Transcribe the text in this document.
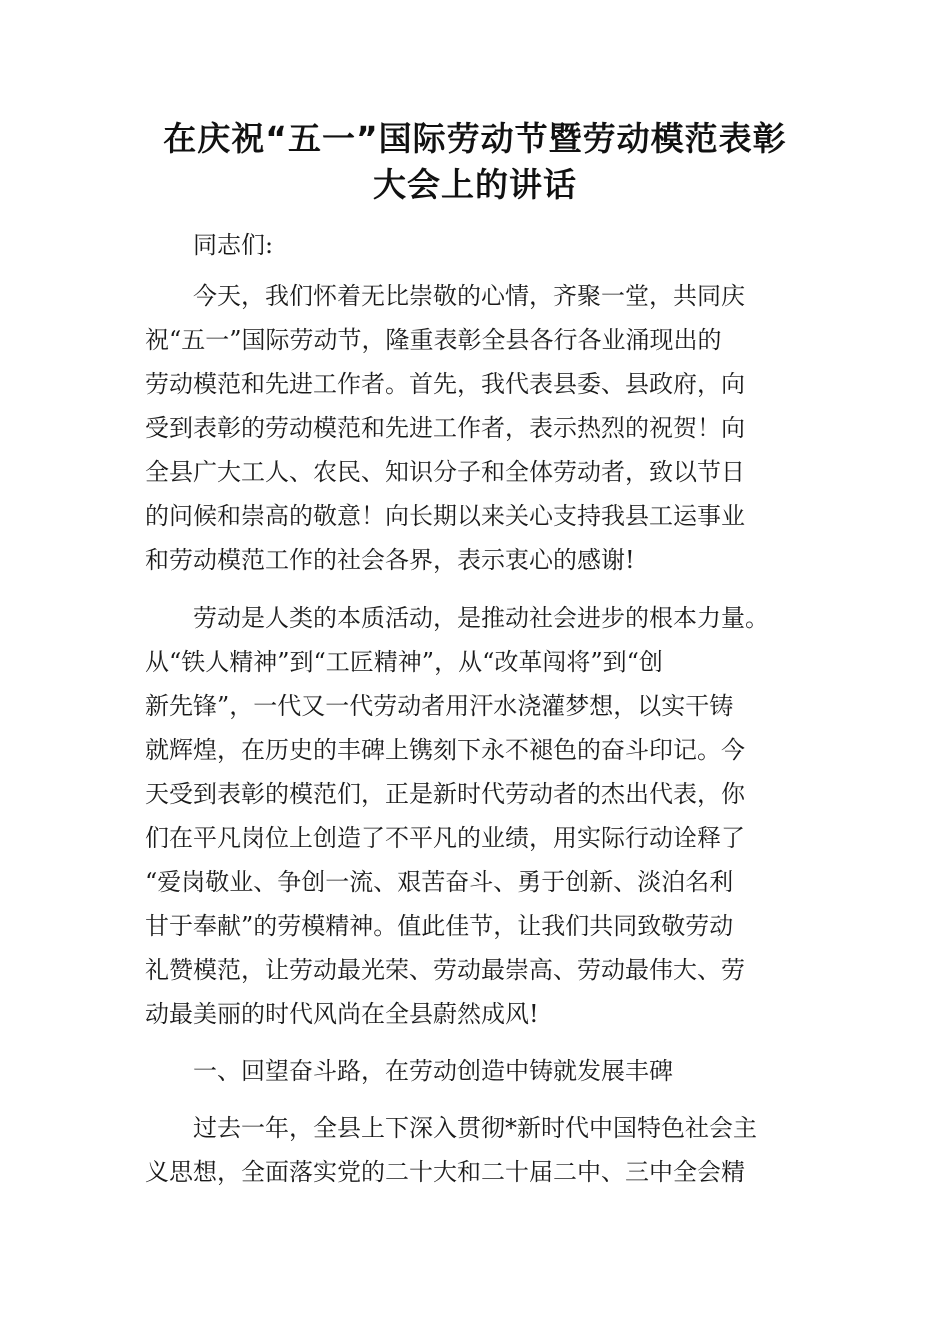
在庆祝“五一”国际劳动节暨劳动模范表彰
大会上的讲话
同志们:
今天，我们怀着无比崇敬的心情，齐聚一堂，共同庆
祝“五一”国际劳动节，隆重表彰全县各行各业涌现出的
劳动模范和先进工作者。首先，我代表县委、县政府，向
受到表彰的劳动模范和先进工作者，表示热烈的祝贺！向
全县广大工人、农民、知识分子和全体劳动者，致以节日
的问候和崇高的敬意！向长期以来关心支持我县工运事业
和劳动模范工作的社会各界，表示衷心的感谢!
劳动是人类的本质活动，是推动社会进步的根本力量。
从“铁人精神”到“工匠精神”，从“改革闯将”到“创
新先锋”，一代又一代劳动者用汗水浇灌梦想，以实干铸
就辉煌，在历史的丰碑上镌刻下永不褪色的奋斗印记。今
天受到表彰的模范们，正是新时代劳动者的杰出代表，你
们在平凡岗位上创造了不平凡的业绩，用实际行动诠释了
“爱岗敬业、争创一流、艰苦奋斗、勇于创新、淡泊名利
甘于奉献”的劳模精神。值此佳节，让我们共同致敬劳动
礼赞模范，让劳动最光荣、劳动最崇高、劳动最伟大、劳
动最美丽的时代风尚在全县蔚然成风!
一、回望奋斗路，在劳动创造中铸就发展丰碑
过去一年，全县上下深入贯彻*新时代中国特色社会主
义思想，全面落实党的二十大和二十届二中、三中全会精
